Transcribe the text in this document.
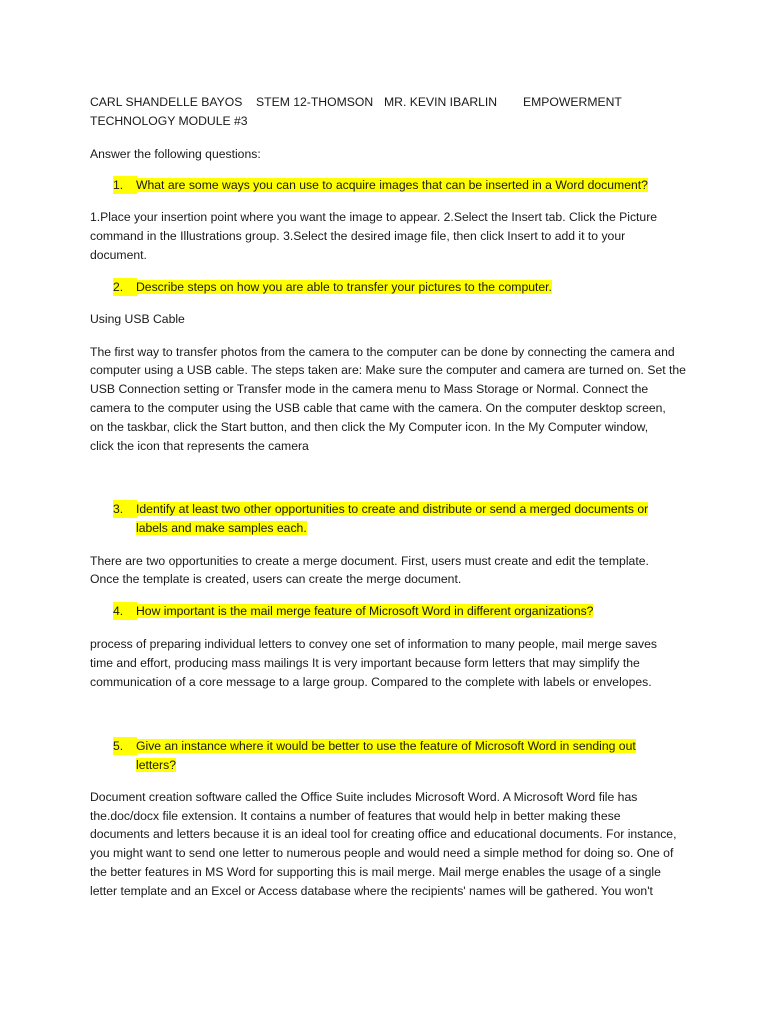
CARL SHANDELLE BAYOS STEM 12-THOMSON MR. KEVIN IBARLIN EMPOWERMENT
TECHNOLOGY MODULE #3
Answer the following questions:
1.	What are some ways you can use to acquire images that can be inserted in a Word document?
1.Place your insertion point where you want the image to appear. 2.Select the Insert tab. Click the Picture
command in the Illustrations group. 3.Select the desired image file, then click Insert to add it to your
document.
2.	Describe steps on how you are able to transfer your pictures to the computer.
Using USB Cable
The first way to transfer photos from the camera to the computer can be done by connecting the camera and
computer using a USB cable. The steps taken are: Make sure the computer and camera are turned on. Set the
USB Connection setting or Transfer mode in the camera menu to Mass Storage or Normal. Connect the
camera to the computer using the USB cable that came with the camera. On the computer desktop screen,
on the taskbar, click the Start button, and then click the My Computer icon. In the My Computer window,
click the icon that represents the camera
3.	Identify at least two other opportunities to create and distribute or send a merged documents or
labels and make samples each.
There are two opportunities to create a merge document. First, users must create and edit the template.
Once the template is created, users can create the merge document.
4.	How important is the mail merge feature of Microsoft Word in different organizations?
process of preparing individual letters to convey one set of information to many people, mail merge saves
time and effort, producing mass mailings It is very important because form letters that may simplify the
communication of a core message to a large group. Compared to the complete with labels or envelopes.
5.	Give an instance where it would be better to use the feature of Microsoft Word in sending out
letters?
Document creation software called the Office Suite includes Microsoft Word. A Microsoft Word file has
the.doc/docx file extension. It contains a number of features that would help in better making these
documents and letters because it is an ideal tool for creating office and educational documents. For instance,
you might want to send one letter to numerous people and would need a simple method for doing so. One of
the better features in MS Word for supporting this is mail merge. Mail merge enables the usage of a single
letter template and an Excel or Access database where the recipients' names will be gathered. You won't
